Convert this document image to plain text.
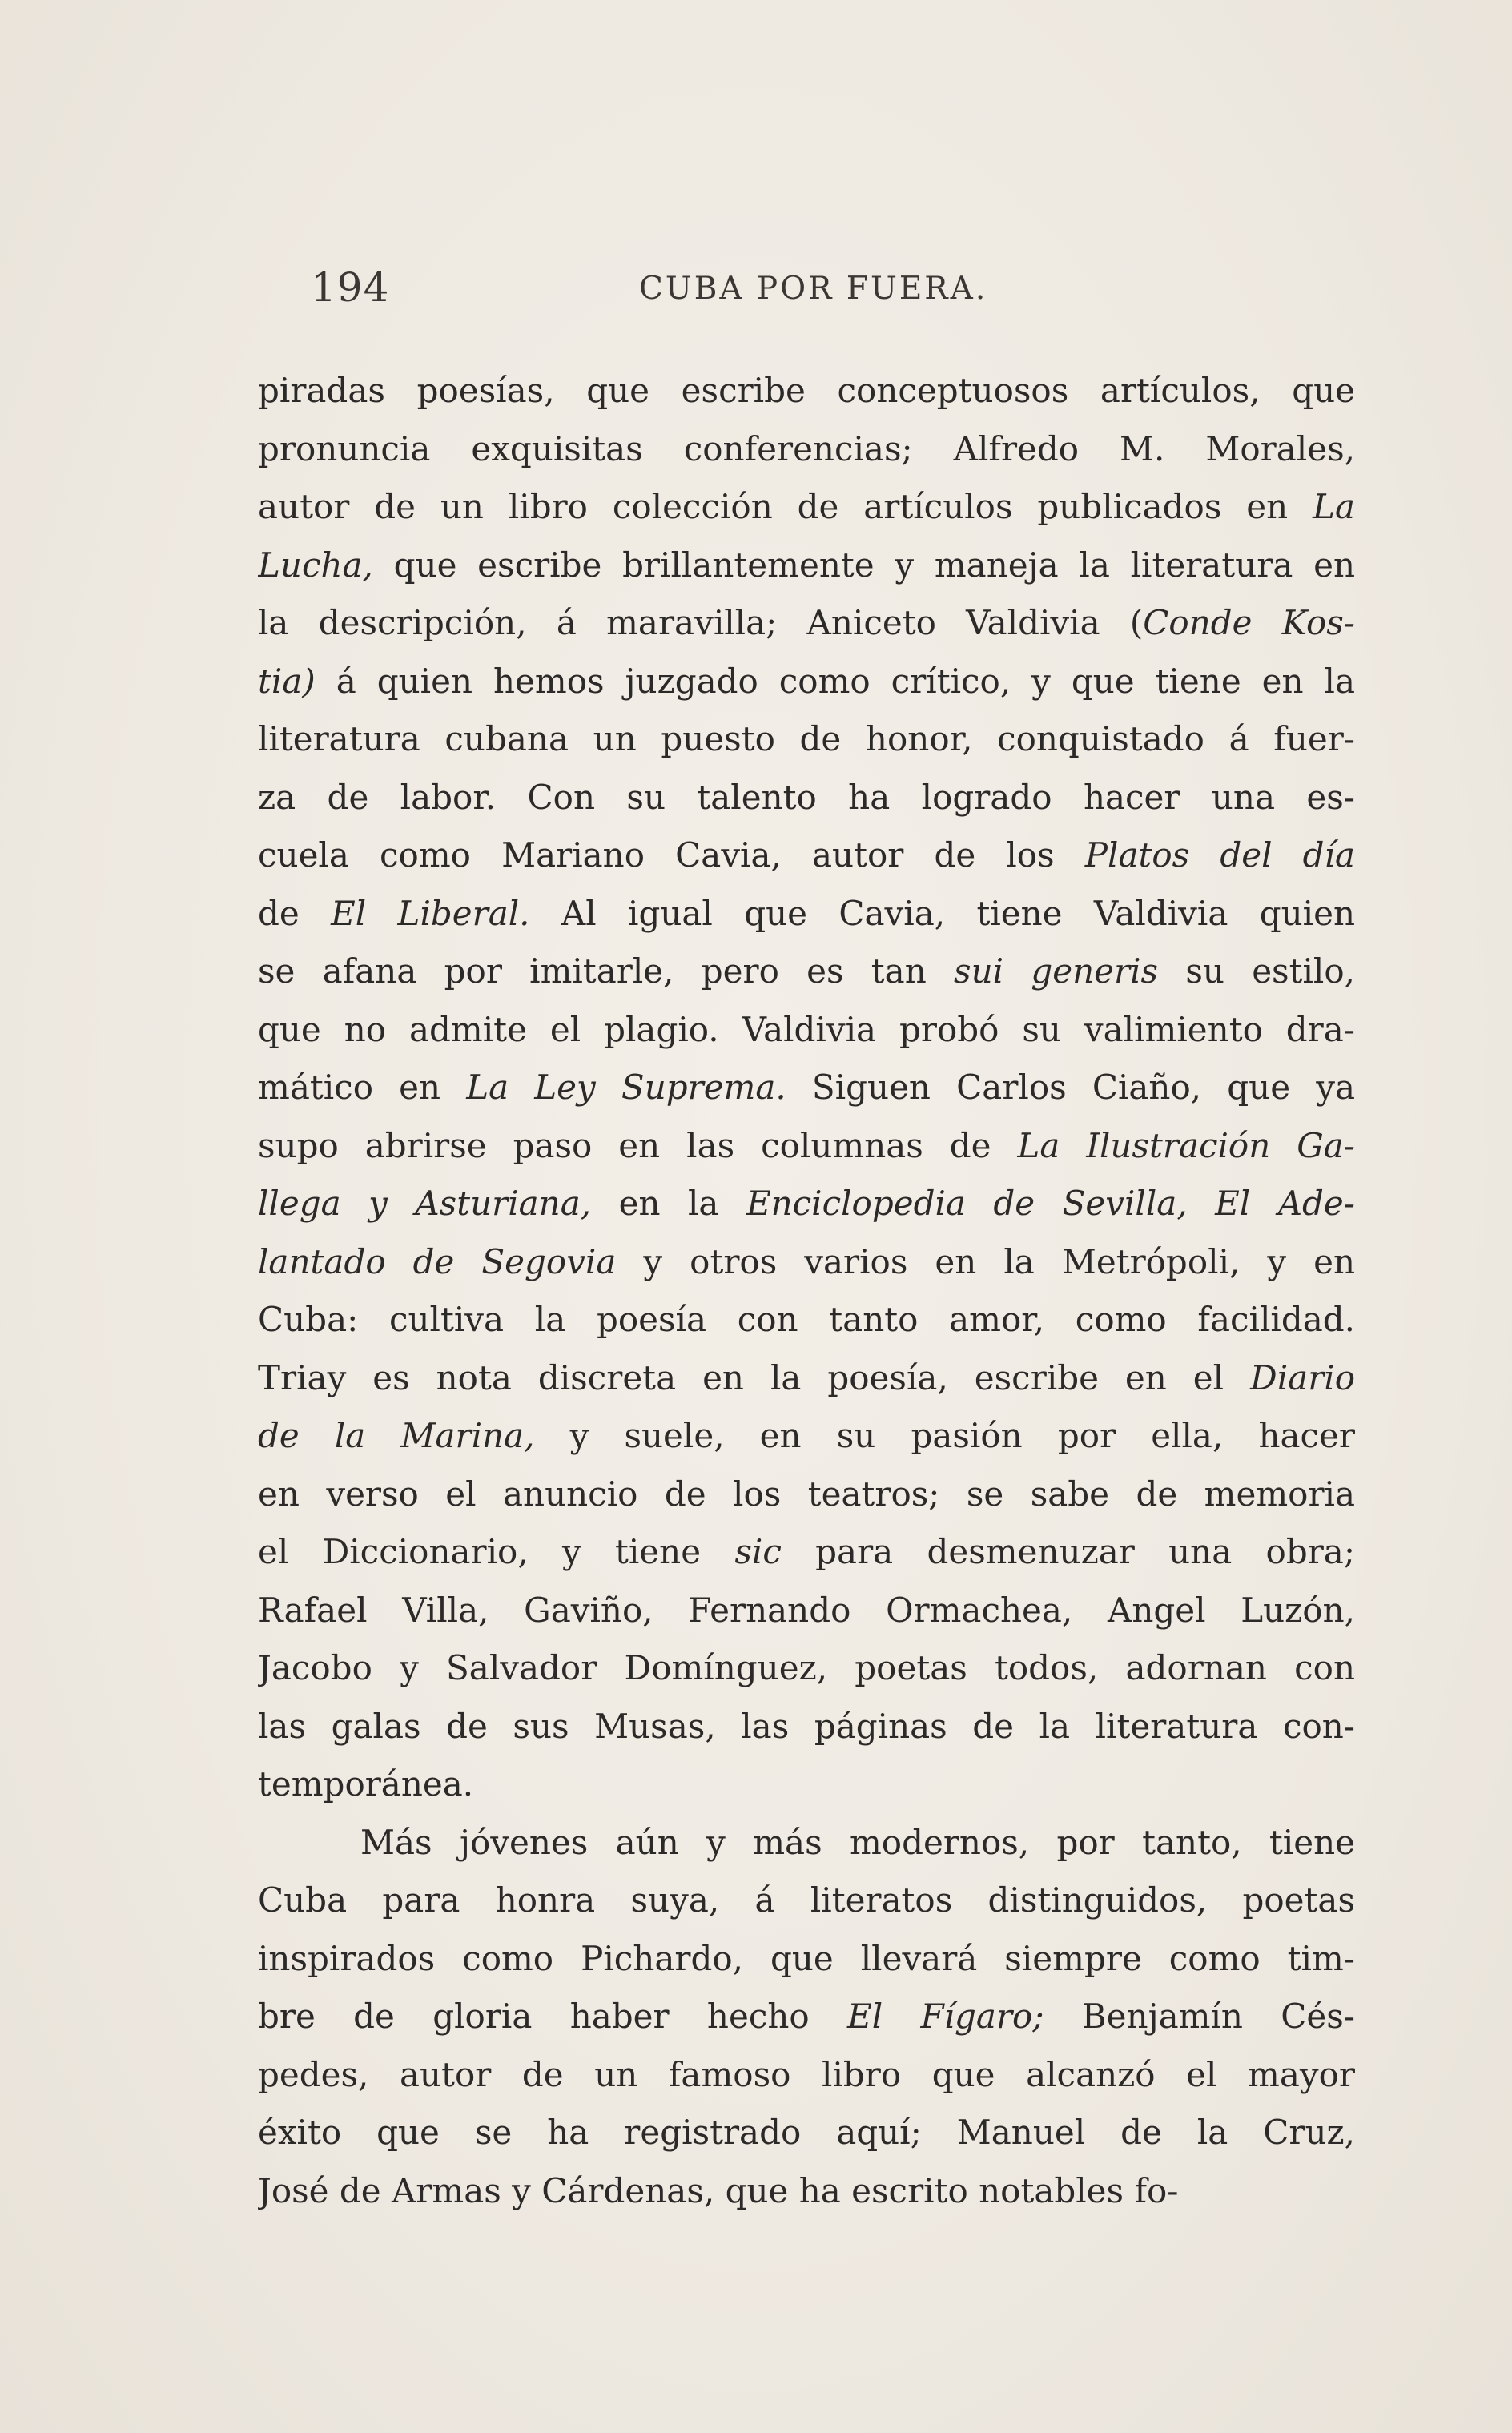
194	CUBA POR FUERA.
piradas poesías, que escribe conceptuosos artículos, que
pronuncia exquisitas conferencias; Alfredo M. Morales,
autor de un libro colección de artículos publicados en La
Lucha, que escribe brillantemente y maneja la literatura en
la descripción, á maravilla; Aniceto Valdivia (Conde Kos-
tia) á quien hemos juzgado como crítico, y que tiene en la
literatura cubana un puesto de honor, conquistado á fuer-
za de labor. Con su talento ha logrado hacer una es-
cuela como Mariano Cavia, autor de los Platos del día
de El Liberal. Al igual que Cavia, tiene Valdivia quien
se afana por imitarle, pero es tan sui generis su estilo,
que no admite el plagio. Valdivia probó su valimiento dra-
mático en La Ley Suprema. Siguen Carlos Ciaño, que ya
supo abrirse paso en las columnas de La Ilustración Ga-
llega y Asturiana, en la Enciclopedia de Sevilla, El Ade-
lantado de Segovia y otros varios en la Metrópoli, y en
Cuba: cultiva la poesía con tanto amor, como facilidad.
Triay es nota discreta en la poesía, escribe en el Diario
de la Marina, y suele, en su pasión por ella, hacer
en verso el anuncio de los teatros; se sabe de memoria
el Diccionario, y tiene sic para desmenuzar una obra;
Rafael Villa, Gaviño, Fernando Ormachea, Angel Luzón,
Jacobo y Salvador Domínguez, poetas todos, adornan con
las galas de sus Musas, las páginas de la literatura con-
temporánea.
Más jóvenes aún y más modernos, por tanto, tiene
Cuba para honra suya, á literatos distinguidos, poetas
inspirados como Pichardo, que llevará siempre como tim-
bre de gloria haber hecho El Fígaro; Benjamín Cés-
pedes, autor de un famoso libro que alcanzó el mayor
éxito que se ha registrado aquí; Manuel de la Cruz,
José de Armas y Cárdenas, que ha escrito notables fo-
